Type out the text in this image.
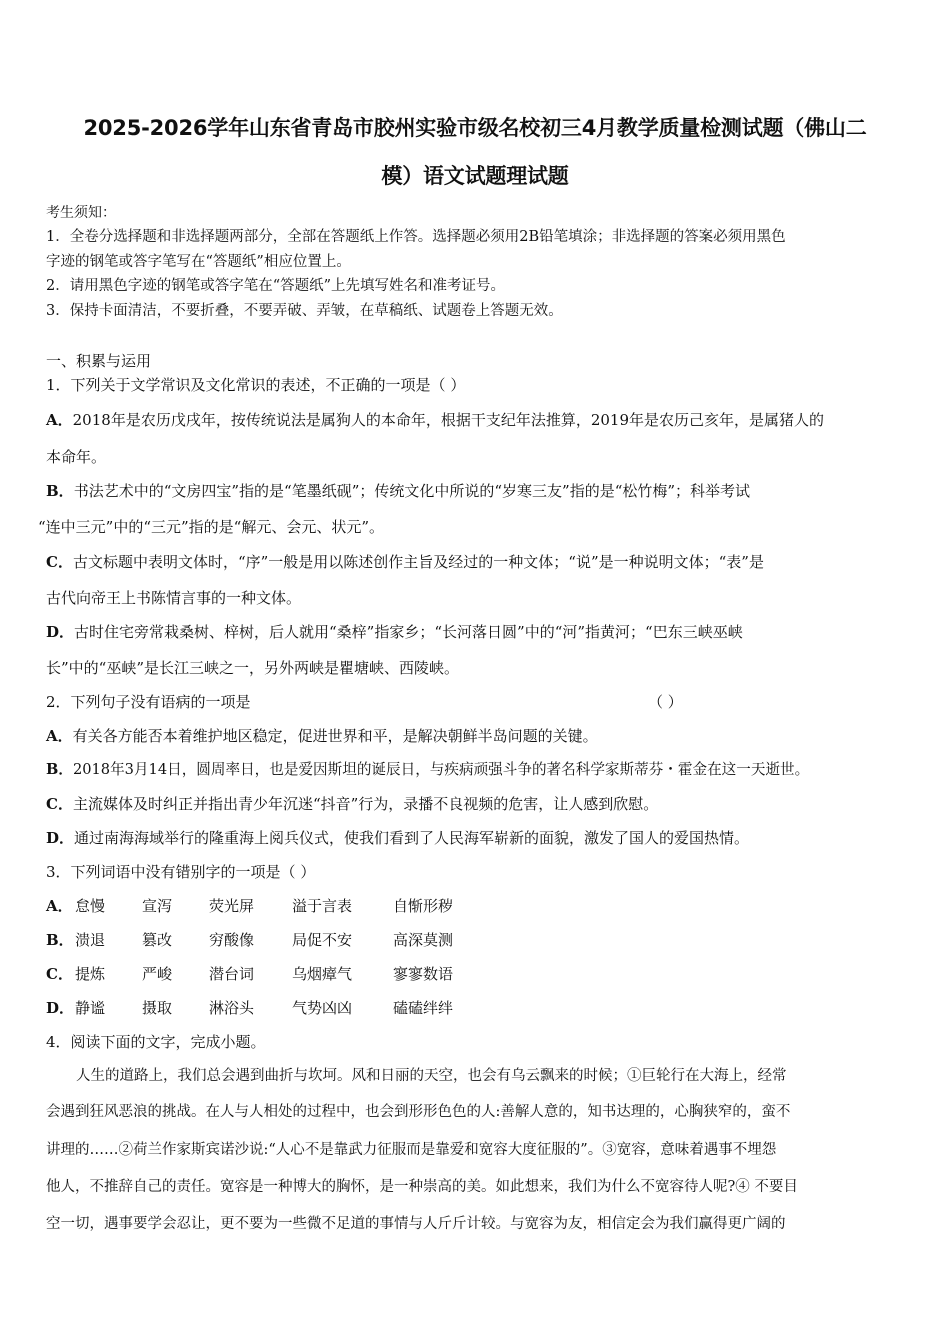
2025-2026学年山东省青岛市胶州实验市级名校初三4月教学质量检测试题（佛山二
模）语文试题理试题
考生须知：
1．全卷分选择题和非选择题两部分，全部在答题纸上作答。选择题必须用2B铅笔填涂；非选择题的答案必须用黑色
字迹的钢笔或答字笔写在“答题纸”相应位置上。
2．请用黑色字迹的钢笔或答字笔在“答题纸”上先填写姓名和准考证号。
3．保持卡面清洁，不要折叠，不要弄破、弄皱，在草稿纸、试题卷上答题无效。
一、积累与运用
1．下列关于文学常识及文化常识的表述，不正确的一项是（ ）
A．2018年是农历戊戌年，按传统说法是属狗人的本命年，根据干支纪年法推算，2019年是农历己亥年，是属猪人的
本命年。
B．书法艺术中的“文房四宝”指的是“笔墨纸砚”；传统文化中所说的“岁寒三友”指的是“松竹梅”；科举考试
“连中三元”中的“三元”指的是“解元、会元、状元”。
C．古文标题中表明文体时，“序”一般是用以陈述创作主旨及经过的一种文体；“说”是一种说明文体；“表”是
古代向帝王上书陈情言事的一种文体。
D．古时住宅旁常栽桑树、梓树，后人就用“桑梓”指家乡；“长河落日圆”中的“河”指黄河；“巴东三峡巫峡
长”中的“巫峡”是长江三峡之一，另外两峡是瞿塘峡、西陵峡。
2．下列句子没有语病的一项是	（ ）
A．有关各方能否本着维护地区稳定，促进世界和平，是解决朝鲜半岛问题的关键。
B．2018年3月14日，圆周率日，也是爱因斯坦的诞辰日，与疾病顽强斗争的著名科学家斯蒂芬・霍金在这一天逝世。
C．主流媒体及时纠正并指出青少年沉迷“抖音”行为，录播不良视频的危害，让人感到欣慰。
D．通过南海海域举行的隆重海上阅兵仪式，使我们看到了人民海军崭新的面貌，激发了国人的爱国热情。
3．下列词语中没有错别字的一项是（ ）
A． 怠慢 宣泻 荧光屏	溢于言表	自惭形秽
B． 溃退 篡改 穷酸像	局促不安	高深莫测
C． 提炼 严峻 潜台词	乌烟瘴气	寥寥数语
D． 静谧 摄取 淋浴头	气势凶凶	磕磕绊绊
4．阅读下面的文字，完成小题。
人生的道路上，我们总会遇到曲折与坎坷。风和日丽的天空，也会有乌云飘来的时候；①巨轮行在大海上，经常
会遇到狂风恶浪的挑战。在人与人相处的过程中，也会到形形色色的人:善解人意的，知书达理的，心胸狭窄的，蛮不
讲理的……②荷兰作家斯宾诺沙说:“人心不是靠武力征服而是靠爱和宽容大度征服的”。③宽容，意味着遇事不埋怨
他人，不推辞自己的责任。宽容是一种博大的胸怀，是一种崇高的美。如此想来，我们为什么不宽容待人呢?④ 不要目
空一切，遇事要学会忍让，更不要为一些微不足道的事情与人斤斤计较。与宽容为友，相信定会为我们赢得更广阔的
